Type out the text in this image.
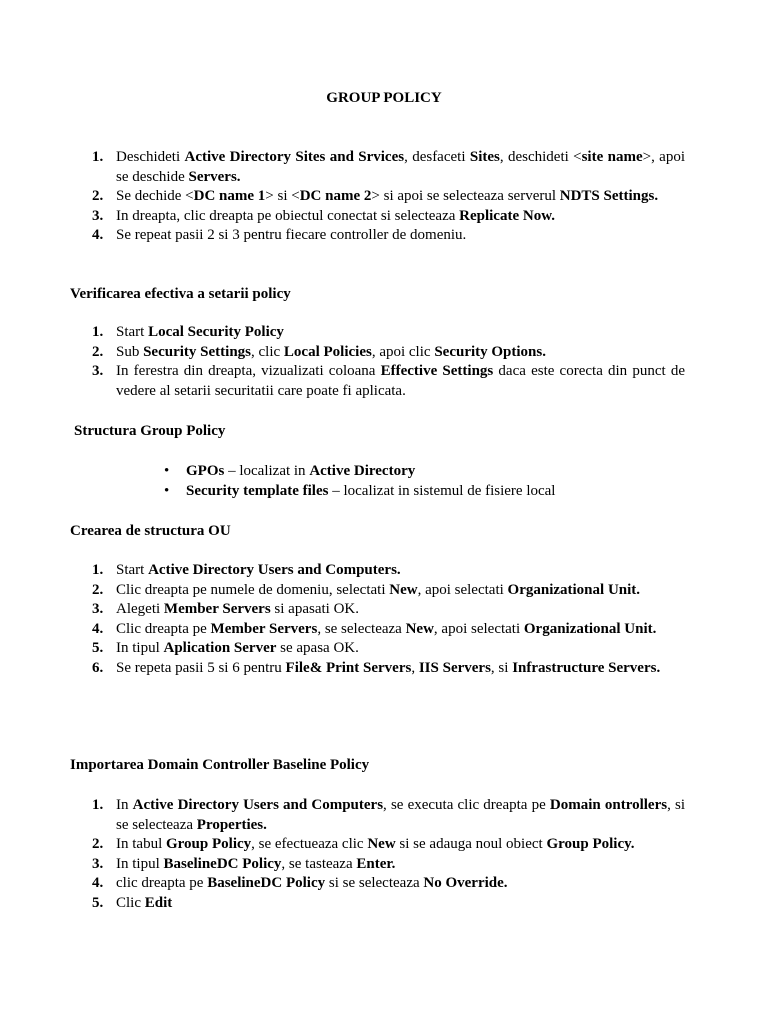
GROUP POLICY
1. Deschideti Active Directory Sites and Srvices, desfaceti Sites, deschideti <site name>, apoi se deschide Servers.
2. Se dechide <DC name 1> si <DC name 2> si apoi se selecteaza serverul NDTS Settings.
3. In dreapta, clic dreapta pe obiectul conectat si selecteaza Replicate Now.
4. Se repeat pasii 2 si 3 pentru fiecare controller de domeniu.
Verificarea efectiva a setarii policy
1. Start Local Security Policy
2. Sub Security Settings, clic Local Policies, apoi clic Security Options.
3. In ferestra din dreapta, vizualizati coloana Effective Settings daca este corecta din punct de vedere al setarii securitatii care poate fi aplicata.
Structura Group Policy
• GPOs – localizat in Active Directory
• Security template files – localizat in sistemul de fisiere local
Crearea de structura OU
1. Start Active Directory Users and Computers.
2. Clic dreapta pe numele de domeniu, selectati New, apoi selectati Organizational Unit.
3. Alegeti Member Servers si apasati OK.
4. Clic dreapta pe Member Servers, se selecteaza New, apoi selectati Organizational Unit.
5. In tipul Aplication Server se apasa OK.
6. Se repeta pasii 5 si 6 pentru File& Print Servers, IIS Servers, si Infrastructure Servers.
Importarea Domain Controller Baseline Policy
1. In Active Directory Users and Computers, se executa clic dreapta pe Domain ontrollers, si se selecteaza Properties.
2. In tabul Group Policy, se efectueaza clic New si se adauga noul obiect Group Policy.
3. In tipul BaselineDC Policy, se tasteaza Enter.
4. clic dreapta pe BaselineDC Policy si se selecteaza No Override.
5. Clic Edit
